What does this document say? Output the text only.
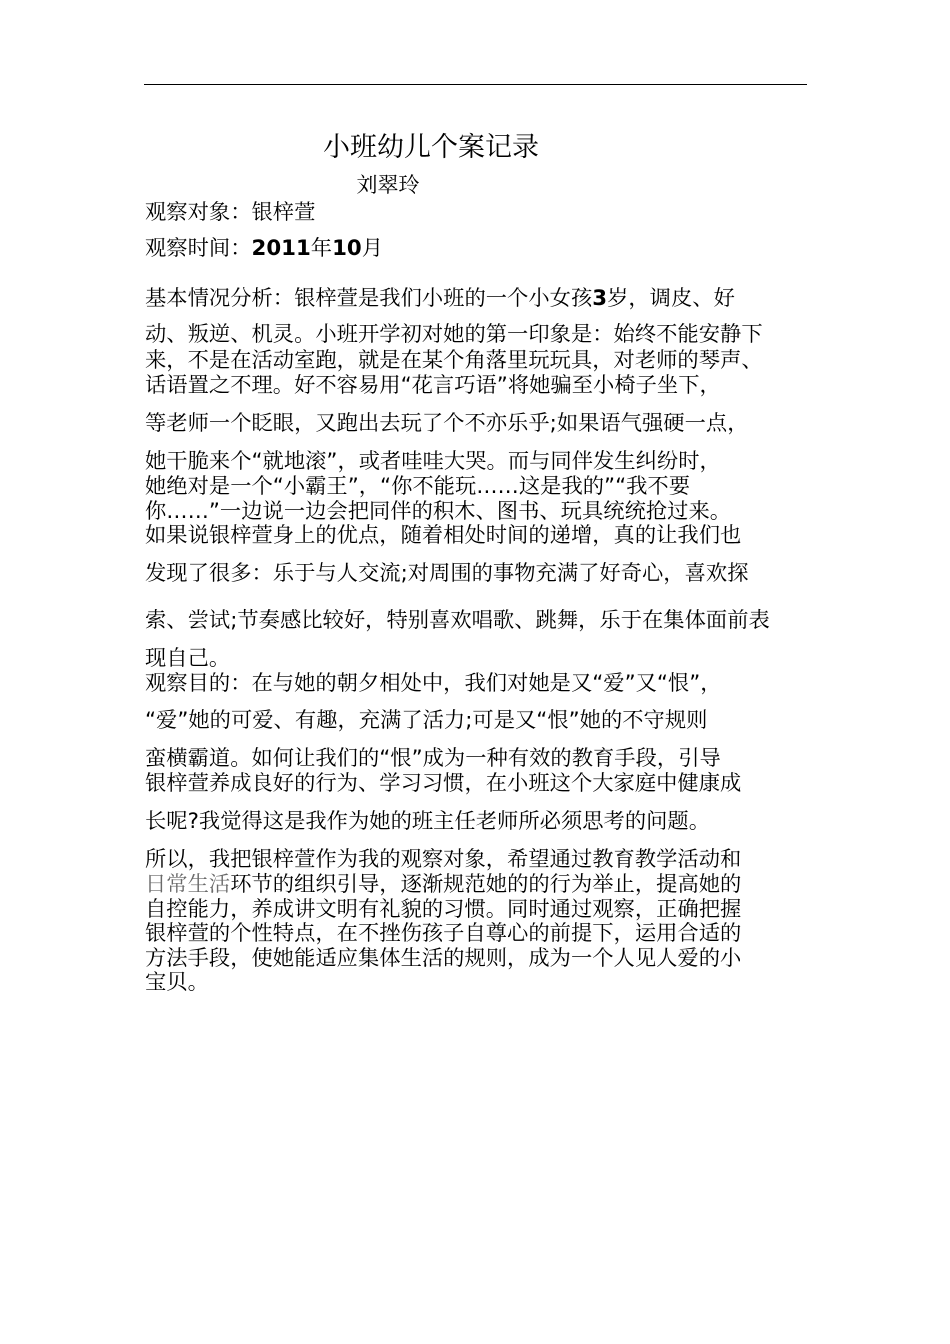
小班幼儿个案记录
刘翠玲
观察对象：银梓萱
观察时间：2011年10月
基本情况分析：银梓萱是我们小班的一个小女孩3岁，调皮、好
动、叛逆、机灵。小班开学初对她的第一印象是：始终不能安静下
来，不是在活动室跑，就是在某个角落里玩玩具，对老师的琴声、
话语置之不理。好不容易用“花言巧语”将她骗至小椅子坐下，
等老师一个眨眼，又跑出去玩了个不亦乐乎;如果语气强硬一点，
她干脆来个“就地滚”，或者哇哇大哭。而与同伴发生纠纷时，
她绝对是一个“小霸王”，“你不能玩……这是我的”“我不要
你……”一边说一边会把同伴的积木、图书、玩具统统抢过来。
如果说银梓萱身上的优点，随着相处时间的递增，真的让我们也
发现了很多：乐于与人交流;对周围的事物充满了好奇心，喜欢探
索、尝试;节奏感比较好，特别喜欢唱歌、跳舞，乐于在集体面前表
现自己。
观察目的：在与她的朝夕相处中，我们对她是又“爱”又“恨”，
“爱”她的可爱、有趣，充满了活力;可是又“恨”她的不守规则
蛮横霸道。如何让我们的“恨”成为一种有效的教育手段，引导
银梓萱养成良好的行为、学习习惯，在小班这个大家庭中健康成
长呢?我觉得这是我作为她的班主任老师所必须思考的问题。
所以，我把银梓萱作为我的观察对象，希望通过教育教学活动和
日常生活环节的组织引导，逐渐规范她的的行为举止，提高她的
自控能力，养成讲文明有礼貌的习惯。同时通过观察，正确把握
银梓萱的个性特点，在不挫伤孩子自尊心的前提下，运用合适的
方法手段，使她能适应集体生活的规则，成为一个人见人爱的小
宝贝。
